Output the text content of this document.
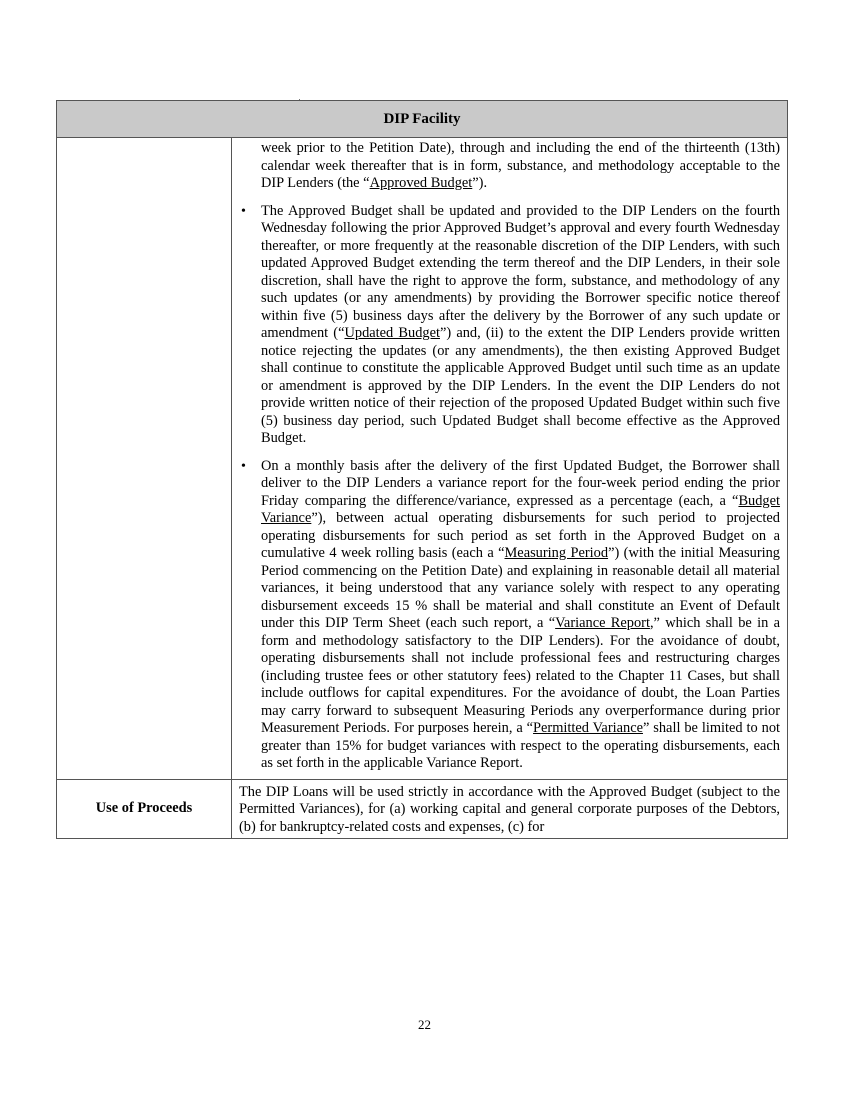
DIP Facility	

	week prior to the Petition Date), through and including the end of the thirteenth (13th) calendar week thereafter that is in form, substance, and methodology acceptable to the DIP Lenders (the “Approved Budget”).

• The Approved Budget shall be updated and provided to the DIP Lenders on the fourth Wednesday following the prior Approved Budget’s approval and every fourth Wednesday thereafter, or more frequently at the reasonable discretion of the DIP Lenders, with such updated Approved Budget extending the term thereof and the DIP Lenders, in their sole discretion, shall have the right to approve the form, substance, and methodology of any such updates (or any amendments) by providing the Borrower specific notice thereof within five (5) business days after the delivery by the Borrower of any such update or amendment (“Updated Budget”) and, (ii) to the extent the DIP Lenders provide written notice rejecting the updates (or any amendments), the then existing Approved Budget shall continue to constitute the applicable Approved Budget until such time as an update or amendment is approved by the DIP Lenders. In the event the DIP Lenders do not provide written notice of their rejection of the proposed Updated Budget within such five (5) business day period, such Updated Budget shall become effective as the Approved Budget.

• On a monthly basis after the delivery of the first Updated Budget, the Borrower shall deliver to the DIP Lenders a variance report for the four-week period ending the prior Friday comparing the difference/variance, expressed as a percentage (each, a “Budget Variance”), between actual operating disbursements for such period to projected operating disbursements for such period as set forth in the Approved Budget on a cumulative 4 week rolling basis (each a “Measuring Period”) (with the initial Measuring Period commencing on the Petition Date) and explaining in reasonable detail all material variances, it being understood that any variance solely with respect to any operating disbursement exceeds 15 % shall be material and shall constitute an Event of Default under this DIP Term Sheet (each such report, a “Variance Report,” which shall be in a form and methodology satisfactory to the DIP Lenders). For the avoidance of doubt, operating disbursements shall not include professional fees and restructuring charges (including trustee fees or other statutory fees) related to the Chapter 11 Cases, but shall include outflows for capital expenditures. For the avoidance of doubt, the Loan Parties may carry forward to subsequent Measuring Periods any overperformance during prior Measurement Periods. For purposes herein, a “Permitted Variance” shall be limited to not greater than 15% for budget variances with respect to the operating disbursements, each as set forth in the applicable Variance Report.

Use of Proceeds	The DIP Loans will be used strictly in accordance with the Approved Budget (subject to the Permitted Variances), for (a) working capital and general corporate purposes of the Debtors, (b) for bankruptcy-related costs and expenses, (c) for
22
